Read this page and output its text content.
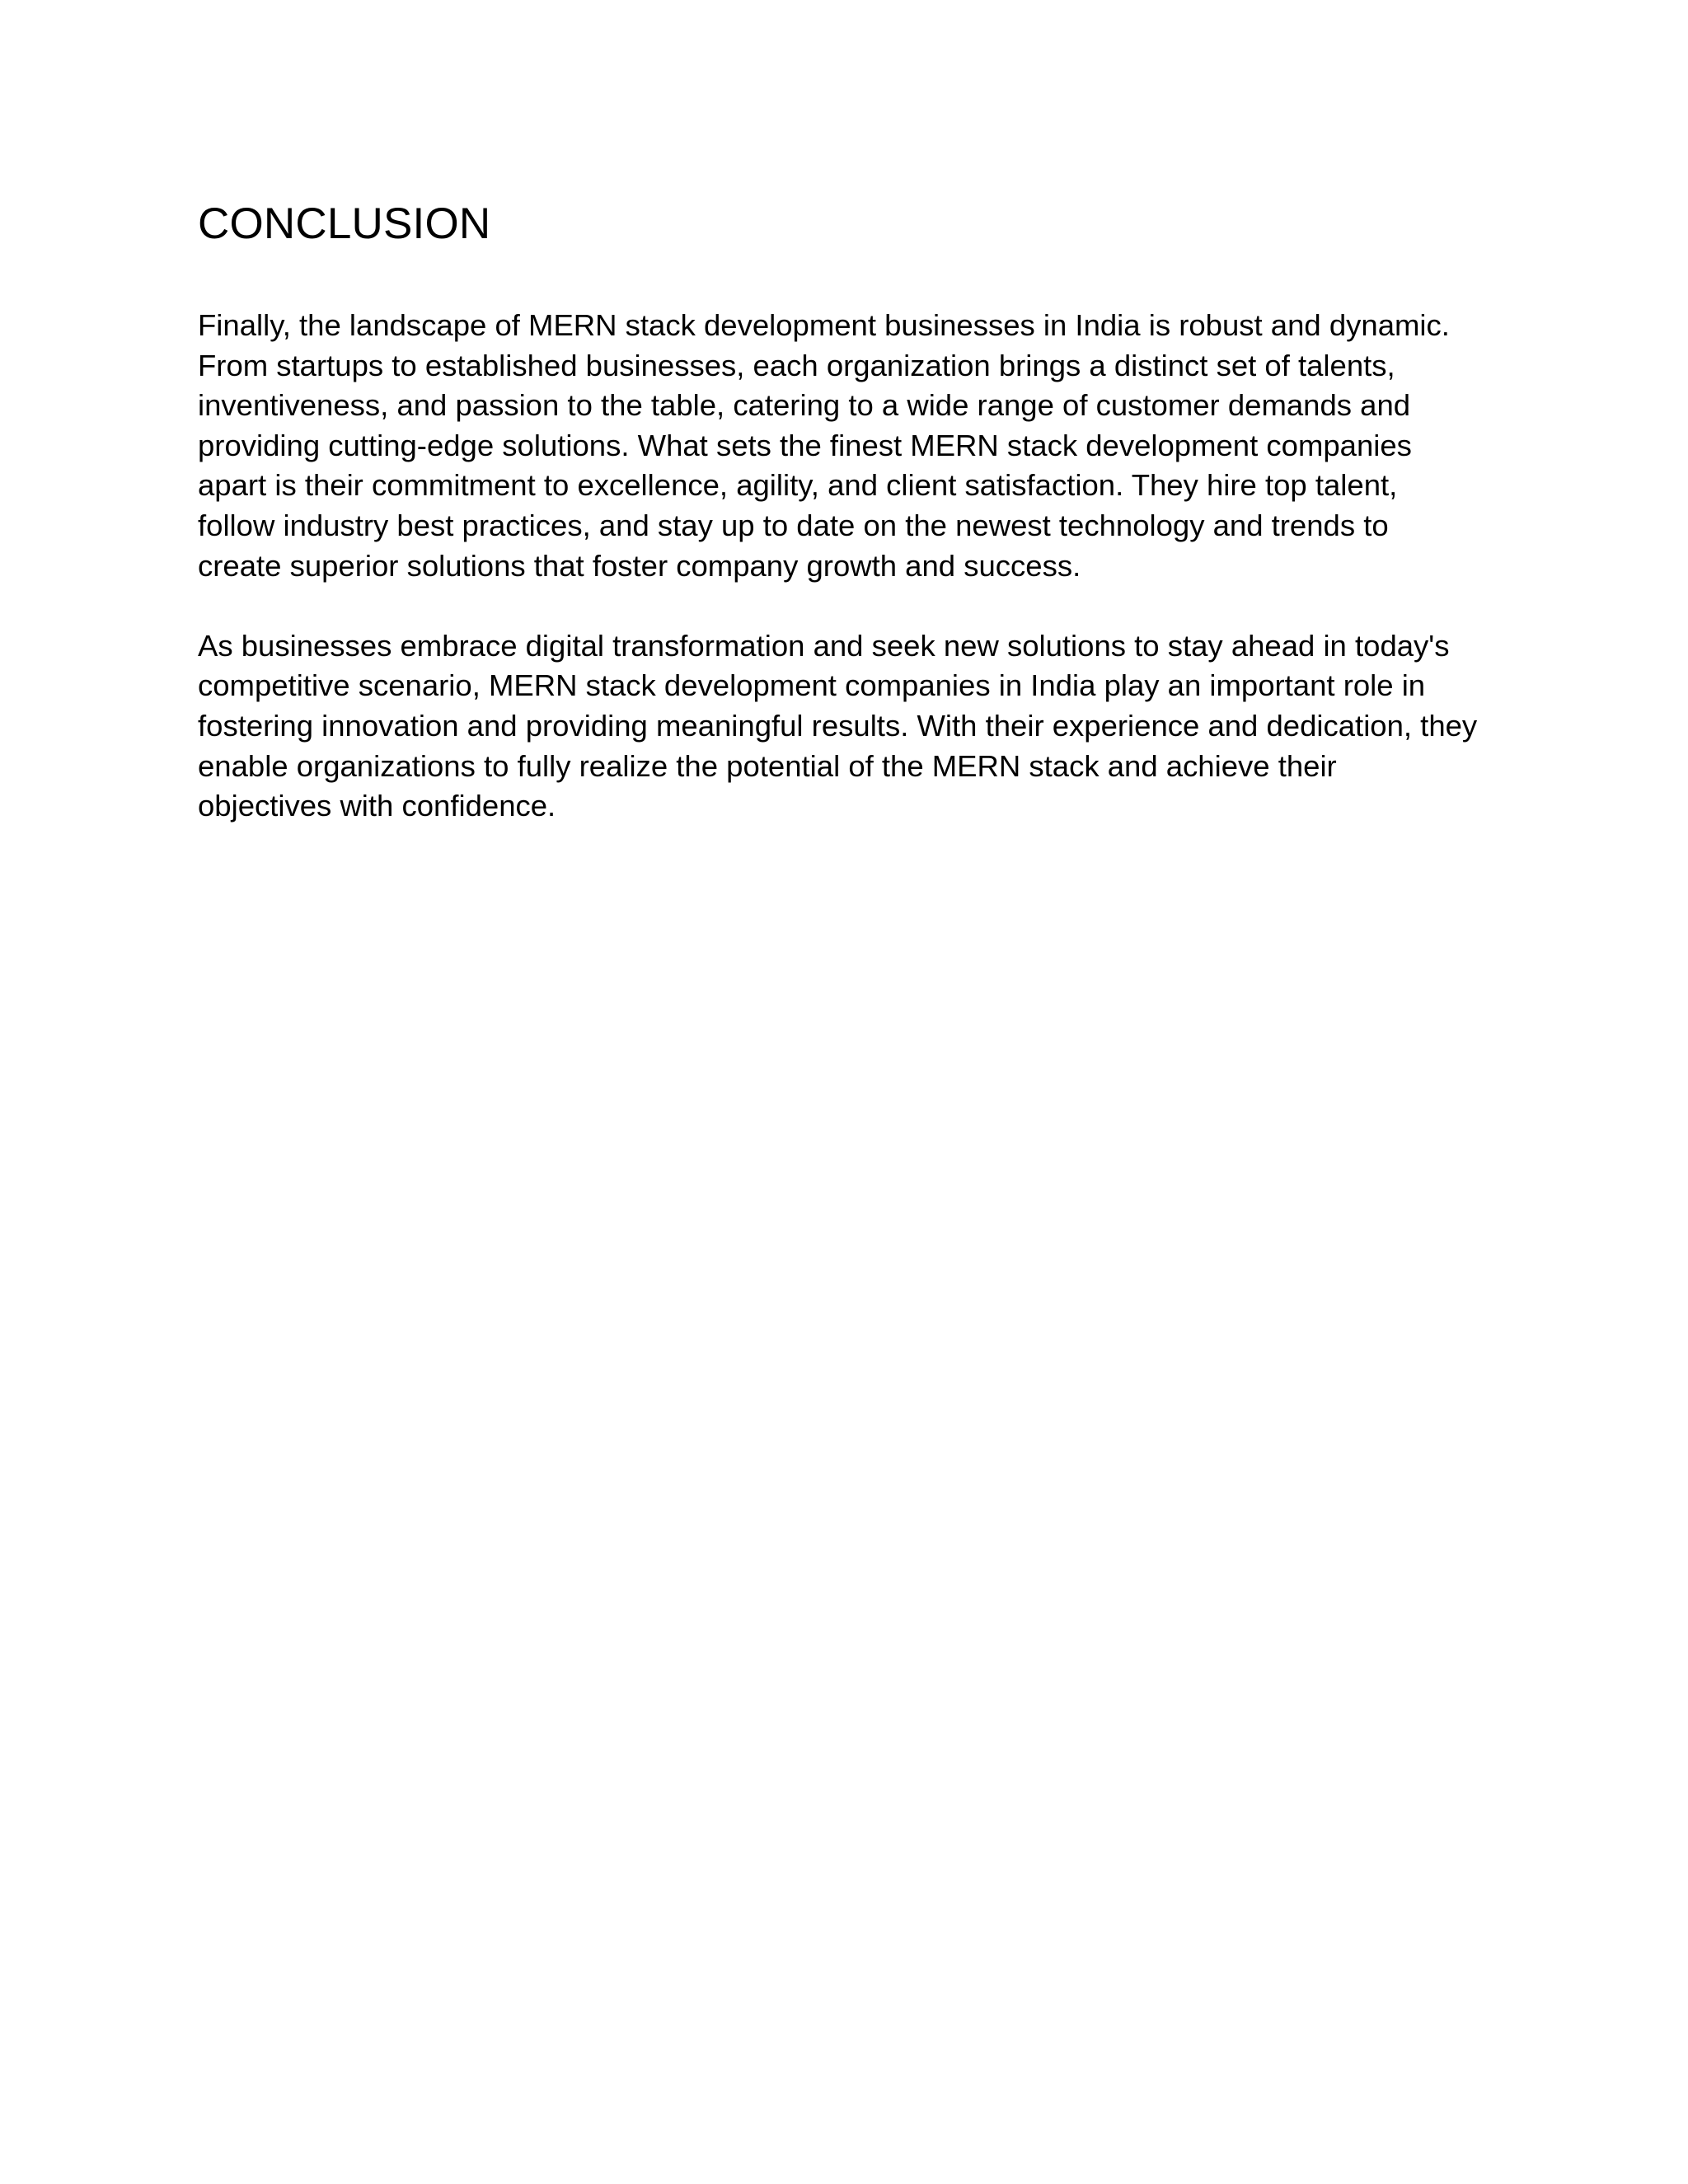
CONCLUSION

Finally, the landscape of MERN stack development businesses in India is robust and dynamic.
From startups to established businesses, each organization brings a distinct set of talents,
inventiveness, and passion to the table, catering to a wide range of customer demands and
providing cutting-edge solutions. What sets the finest MERN stack development companies
apart is their commitment to excellence, agility, and client satisfaction. They hire top talent,
follow industry best practices, and stay up to date on the newest technology and trends to
create superior solutions that foster company growth and success.

As businesses embrace digital transformation and seek new solutions to stay ahead in today's
competitive scenario, MERN stack development companies in India play an important role in
fostering innovation and providing meaningful results. With their experience and dedication, they
enable organizations to fully realize the potential of the MERN stack and achieve their
objectives with confidence.
